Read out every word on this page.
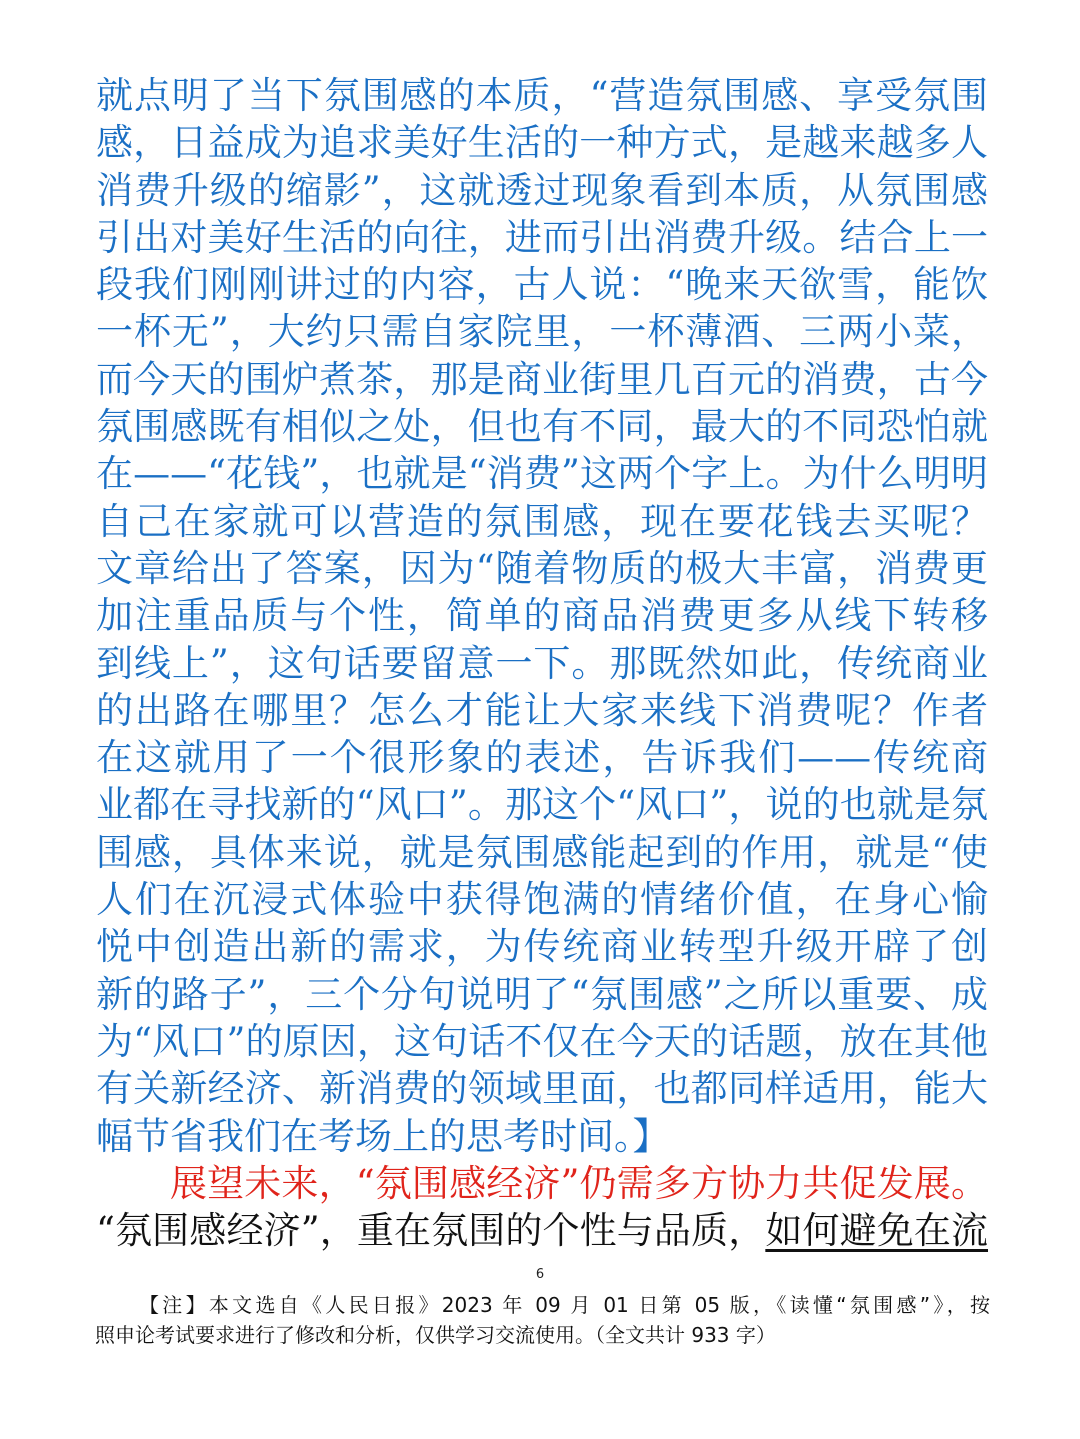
就点明了当下氛围感的本质，“营造氛围感、享受氛围
感，日益成为追求美好生活的一种方式，是越来越多人
消费升级的缩影”，这就透过现象看到本质，从氛围感
引出对美好生活的向往，进而引出消费升级。结合上一
段我们刚刚讲过的内容，古人说：“晚来天欲雪，能饮
一杯无”，大约只需自家院里，一杯薄酒、三两小菜，
而今天的围炉煮茶，那是商业街里几百元的消费，古今
氛围感既有相似之处，但也有不同，最大的不同恐怕就
在——“花钱”，也就是“消费”这两个字上。为什么明明
自己在家就可以营造的氛围感，现在要花钱去买呢？
文章给出了答案，因为“随着物质的极大丰富，消费更
加注重品质与个性，简单的商品消费更多从线下转移
到线上”，这句话要留意一下。那既然如此，传统商业
的出路在哪里？怎么才能让大家来线下消费呢？作者
在这就用了一个很形象的表述，告诉我们——传统商
业都在寻找新的“风口”。那这个“风口”，说的也就是氛
围感，具体来说，就是氛围感能起到的作用，就是“使
人们在沉浸式体验中获得饱满的情绪价值，在身心愉
悦中创造出新的需求，为传统商业转型升级开辟了创
新的路子”，三个分句说明了“氛围感”之所以重要、成
为“风口”的原因，这句话不仅在今天的话题，放在其他
有关新经济、新消费的领域里面，也都同样适用，能大
幅节省我们在考场上的思考时间。】
展望未来，“氛围感经济”仍需多方协力共促发展。
“氛围感经济”，重在氛围的个性与品质，如何避免在流
6
【注】本文选自《人民日报》2023 年 09 月 01 日第 05 版，《读懂“氛围感”》，按
照申论考试要求进行了修改和分析，仅供学习交流使用。（全文共计 933 字）
